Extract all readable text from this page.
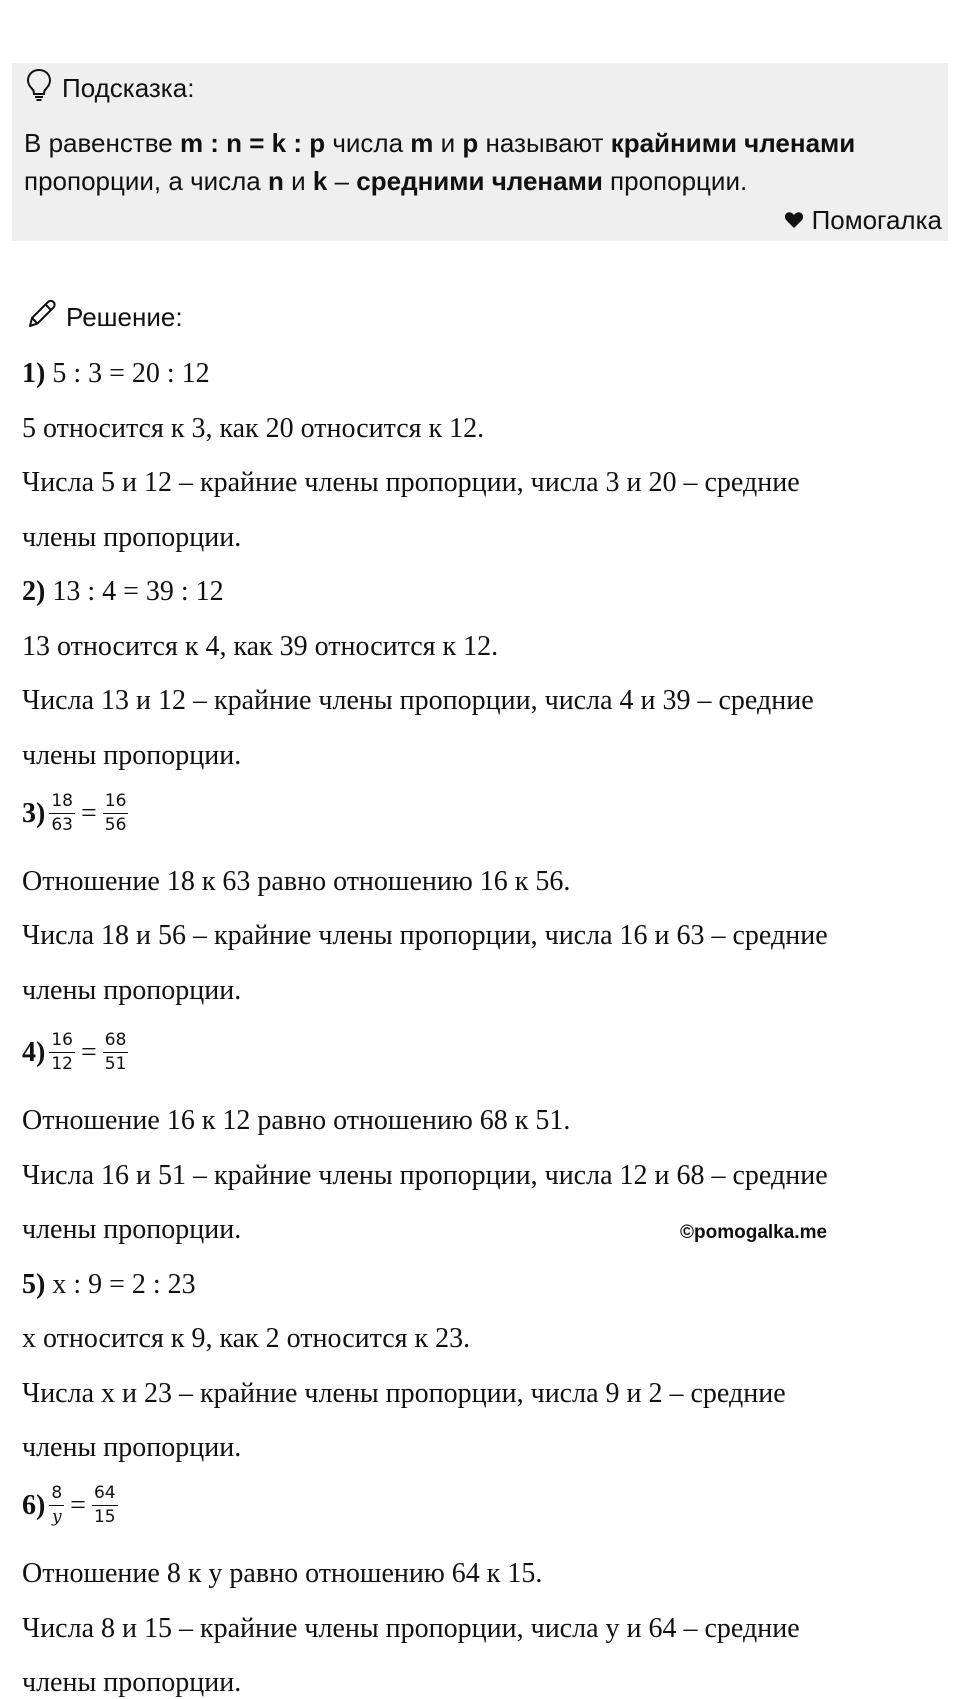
Подсказка:
В равенстве m : n = k : p числа m и p называют крайними членами
пропорции, а числа n и k – средними членами пропорции.
Помогалка
Решение:
1) 5 : 3 = 20 : 12
5 относится к 3, как 20 относится к 12.
Числа 5 и 12 – крайние члены пропорции, числа 3 и 20 – средние
члены пропорции.
2) 13 : 4 = 39 : 12
13 относится к 4, как 39 относится к 12.
Числа 13 и 12 – крайние члены пропорции, числа 4 и 39 – средние
члены пропорции.
$3) \frac{18}{63} = \frac{16}{56}$
Отношение 18 к 63 равно отношению 16 к 56.
Числа 18 и 56 – крайние члены пропорции, числа 16 и 63 – средние
члены пропорции.
$4) \frac{16}{12} = \frac{68}{51}$
Отношение 16 к 12 равно отношению 68 к 51.
Числа 16 и 51 – крайние члены пропорции, числа 12 и 68 – средние
члены пропорции.	©pomogalka.me
5) x : 9 = 2 : 23
x относится к 9, как 2 относится к 23.
Числа x и 23 – крайние члены пропорции, числа 9 и 2 – средние
члены пропорции.
$6) \frac{8}{y} = \frac{64}{15}$
Отношение 8 к y равно отношению 64 к 15.
Числа 8 и 15 – крайние члены пропорции, числа y и 64 – средние
члены пропорции.
